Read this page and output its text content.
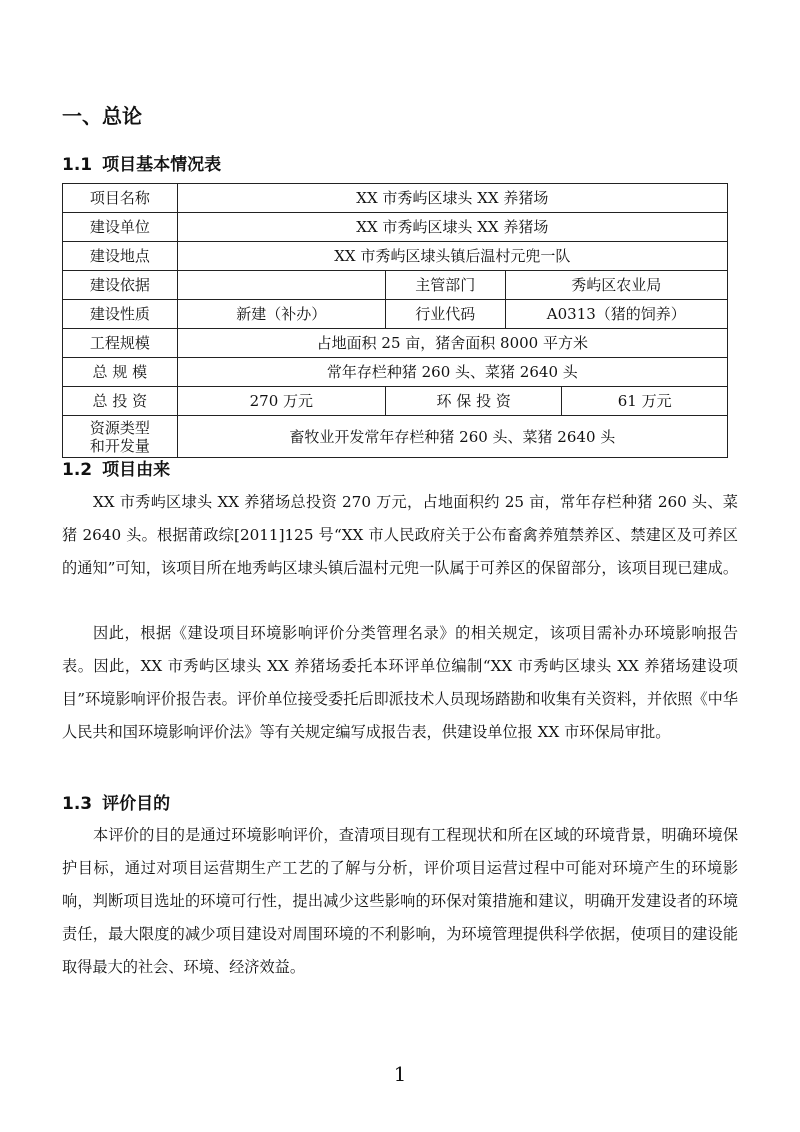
一、总论
1.1 项目基本情况表
项目名称	XX 市秀屿区埭头 XX 养猪场			
建设单位	XX 市秀屿区埭头 XX 养猪场			
建设地点	XX 市秀屿区埭头镇后温村元兜一队			
建设依据		主管部门	秀屿区农业局	
建设性质	新建（补办）	行业代码	A0313（猪的饲养）	
工程规模	占地面积 25 亩，猪舍面积 8000 平方米			
总 规 模	常年存栏种猪 260 头、菜猪 2640 头			
总 投 资	270 万元	环 保 投 资		61 万元
资源类型
和开发量	畜牧业开发常年存栏种猪 260 头、菜猪 2640 头			
1.2 项目由来

XX 市秀屿区埭头 XX 养猪场总投资 270 万元，占地面积约 25 亩，常年存栏种猪 260 头、菜猪 2640 头。根据莆政综[2011]125 号“XX 市人民政府关于公布畜禽养殖禁养区、禁建区及可养区的通知”可知，该项目所在地秀屿区埭头镇后温村元兜一队属于可养区的保留部分，该项目现已建成。

因此，根据《建设项目环境影响评价分类管理名录》的相关规定，该项目需补办环境影响报告表。因此，XX 市秀屿区埭头 XX 养猪场委托本环评单位编制“XX 市秀屿区埭头 XX 养猪场建设项目”环境影响评价报告表。评价单位接受委托后即派技术人员现场踏勘和收集有关资料，并依照《中华人民共和国环境影响评价法》等有关规定编写成报告表，供建设单位报 XX 市环保局审批。

1.3 评价目的

本评价的目的是通过环境影响评价，查清项目现有工程现状和所在区域的环境背景，明确环境保护目标，通过对项目运营期生产工艺的了解与分析，评价项目运营过程中可能对环境产生的环境影响，判断项目选址的环境可行性，提出减少这些影响的环保对策措施和建议，明确开发建设者的环境责任，最大限度的减少项目建设对周围环境的不利影响，为环境管理提供科学依据，使项目的建设能取得最大的社会、环境、经济效益。

1
